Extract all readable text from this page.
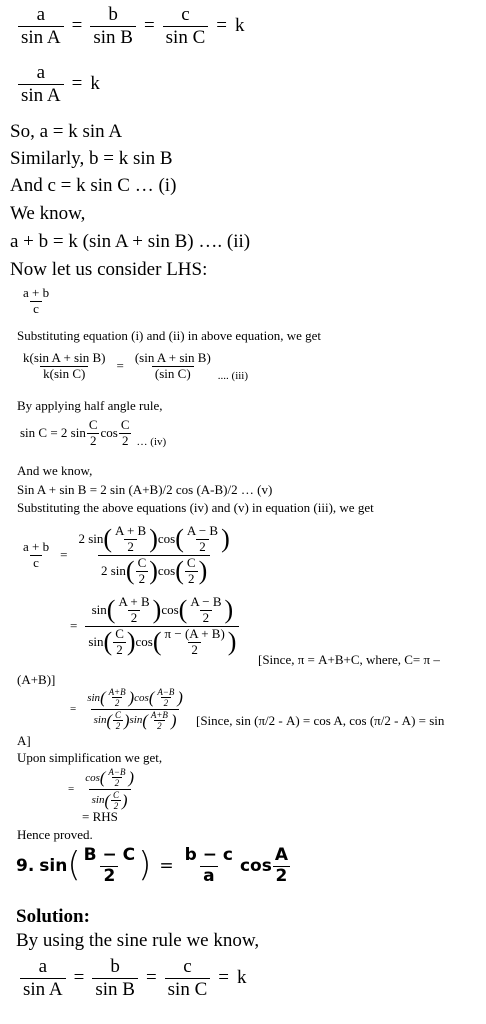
$\frac{a}{\text{sin A}} = \frac{b}{\text{sin B}} = \frac{c}{\text{sin C}} = k$
$\frac{a}{\text{sin A}} = k$
So, a = k sin A
Similarly, b = k sin B
And c = k sin C … (i)
We know,
a + b = k (sin A + sin B) …. (ii)
Now let us consider LHS:
$\frac{a + b}{c}$
Substituting equation (i) and (ii) in above equation, we get
$\frac{\text{k(sin A + sin B)}}{\text{k(sin C)}} = \frac{\text{(sin A + sin B)}}{\text{(sin C)}}$ .... (iii)
By applying half angle rule,
sin C = 2 $\sin \frac{C}{2}$ $\cos \frac{C}{2}$ … (iv)
And we know,
Sin A + sin B = 2 sin (A+B)/2 cos (A-B)/2 … (v)
Substituting the above equations (iv) and (v) in equation (iii), we get
$\frac{a + b}{c} = \frac{2 \sin ( \frac{A + B}{2} ) \cos ( \frac{A - B}{2} )}{2 \sin ( \frac{C}{2} ) \cos ( \frac{C}{2} )}$
= $\frac{\sin ( \frac{A + B}{2} ) \cos ( \frac{A - B}{2} )}{\sin ( \frac{C}{2} ) \cos ( \frac{\pi - (A + B)}{2} )}$
[Since, π = A+B+C, where, C= π –
(A+B)]
= $\frac{\sin ( \frac{A+B}{2} ) \cos ( \frac{A-B}{2} )}{\sin ( \frac{C}{2} ) \sin ( \frac{A+B}{2} )}$ [Since, sin (π/2 - A) = cos A, cos (π/2 - A) = sin
A]
Upon simplification we get,
= $\frac{\cos ( \frac{A-B}{2} )}{\sin ( \frac{C}{2} )}$
= RHS
Hence proved.
9. sin ( $\frac{B - C}{2}$ ) = $\frac{b - c}{a}$ $\cos \frac{A}{2}$
Solution:
By using the sine rule we know,
$\frac{a}{\text{sin A}} = \frac{b}{\text{sin B}} = \frac{c}{\text{sin C}} = k$
